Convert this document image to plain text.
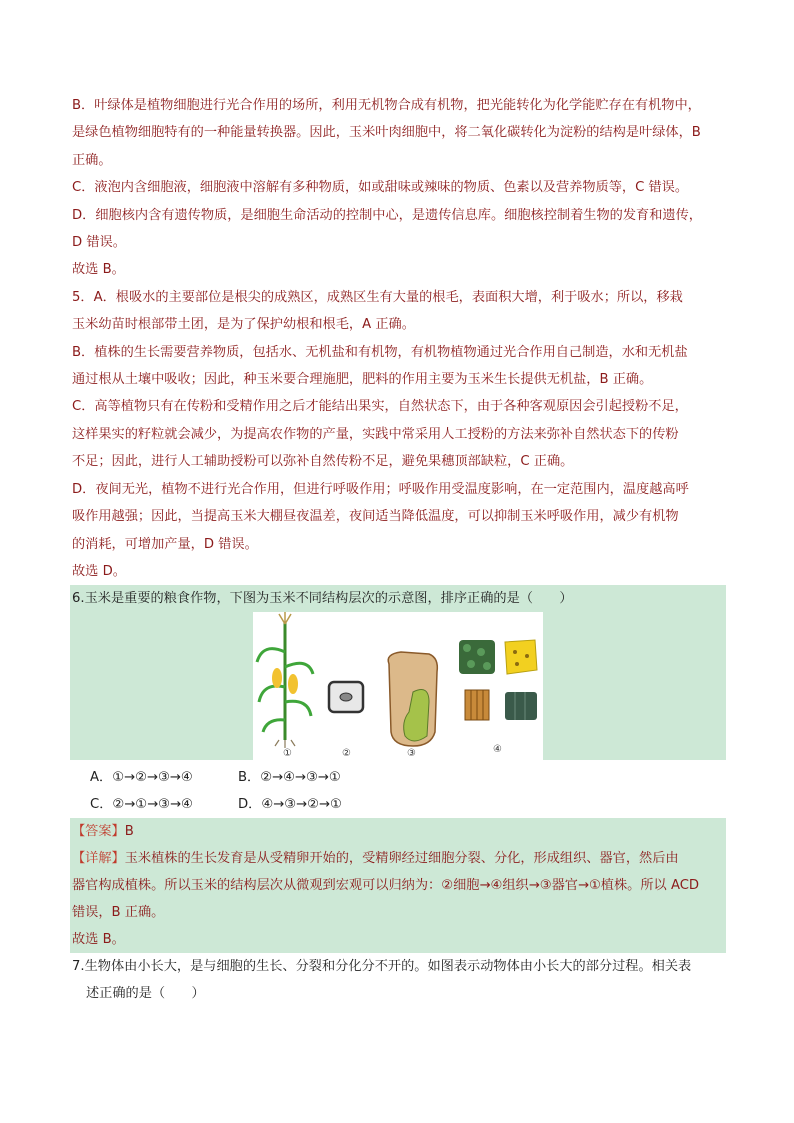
B．叶绿体是植物细胞进行光合作用的场所，利用无机物合成有机物，把光能转化为化学能贮存在有机物中，

是绿色植物细胞特有的一种能量转换器。因此，玉米叶肉细胞中，将二氧化碳转化为淀粉的结构是叶绿体，B

正确。

C．液泡内含细胞液，细胞液中溶解有多种物质，如或甜味或辣味的物质、色素以及营养物质等，C 错误。

D．细胞核内含有遗传物质，是细胞生命活动的控制中心，是遗传信息库。细胞核控制着生物的发育和遗传，

D 错误。

故选 B。

5．A．根吸水的主要部位是根尖的成熟区，成熟区生有大量的根毛，表面积大增，利于吸水；所以，移栽

玉米幼苗时根部带土团，是为了保护幼根和根毛，A 正确。

B．植株的生长需要营养物质，包括水、无机盐和有机物，有机物植物通过光合作用自己制造，水和无机盐

通过根从土壤中吸收；因此，种玉米要合理施肥，肥料的作用主要为玉米生长提供无机盐，B 正确。

C．高等植物只有在传粉和受精作用之后才能结出果实，自然状态下，由于各种客观原因会引起授粉不足，

这样果实的籽粒就会减少，为提高农作物的产量，实践中常采用人工授粉的方法来弥补自然状态下的传粉

不足；因此，进行人工辅助授粉可以弥补自然传粉不足，避免果穗顶部缺粒，C 正确。

D．夜间无光，植物不进行光合作用，但进行呼吸作用；呼吸作用受温度影响，在一定范围内，温度越高呼

吸作用越强；因此，当提高玉米大棚昼夜温差，夜间适当降低温度，可以抑制玉米呼吸作用，减少有机物

的消耗，可增加产量，D 错误。

故选 D。

6.玉米是重要的粮食作物，下图为玉米不同结构层次的示意图，排序正确的是（　　）

①	②	③	④
A．①→②→③→④	B．②→④→③→①
C．②→①→③→④	D．④→③→②→①

【答案】B

【详解】玉米植株的生长发育是从受精卵开始的，受精卵经过细胞分裂、分化，形成组织、器官，然后由

器官构成植株。所以玉米的结构层次从微观到宏观可以归纳为：②细胞→④组织→③器官→①植株。所以 ACD

错误，B 正确。

故选 B。

7.生物体由小长大，是与细胞的生长、分裂和分化分不开的。如图表示动物体由小长大的部分过程。相关表

述正确的是（　　）
